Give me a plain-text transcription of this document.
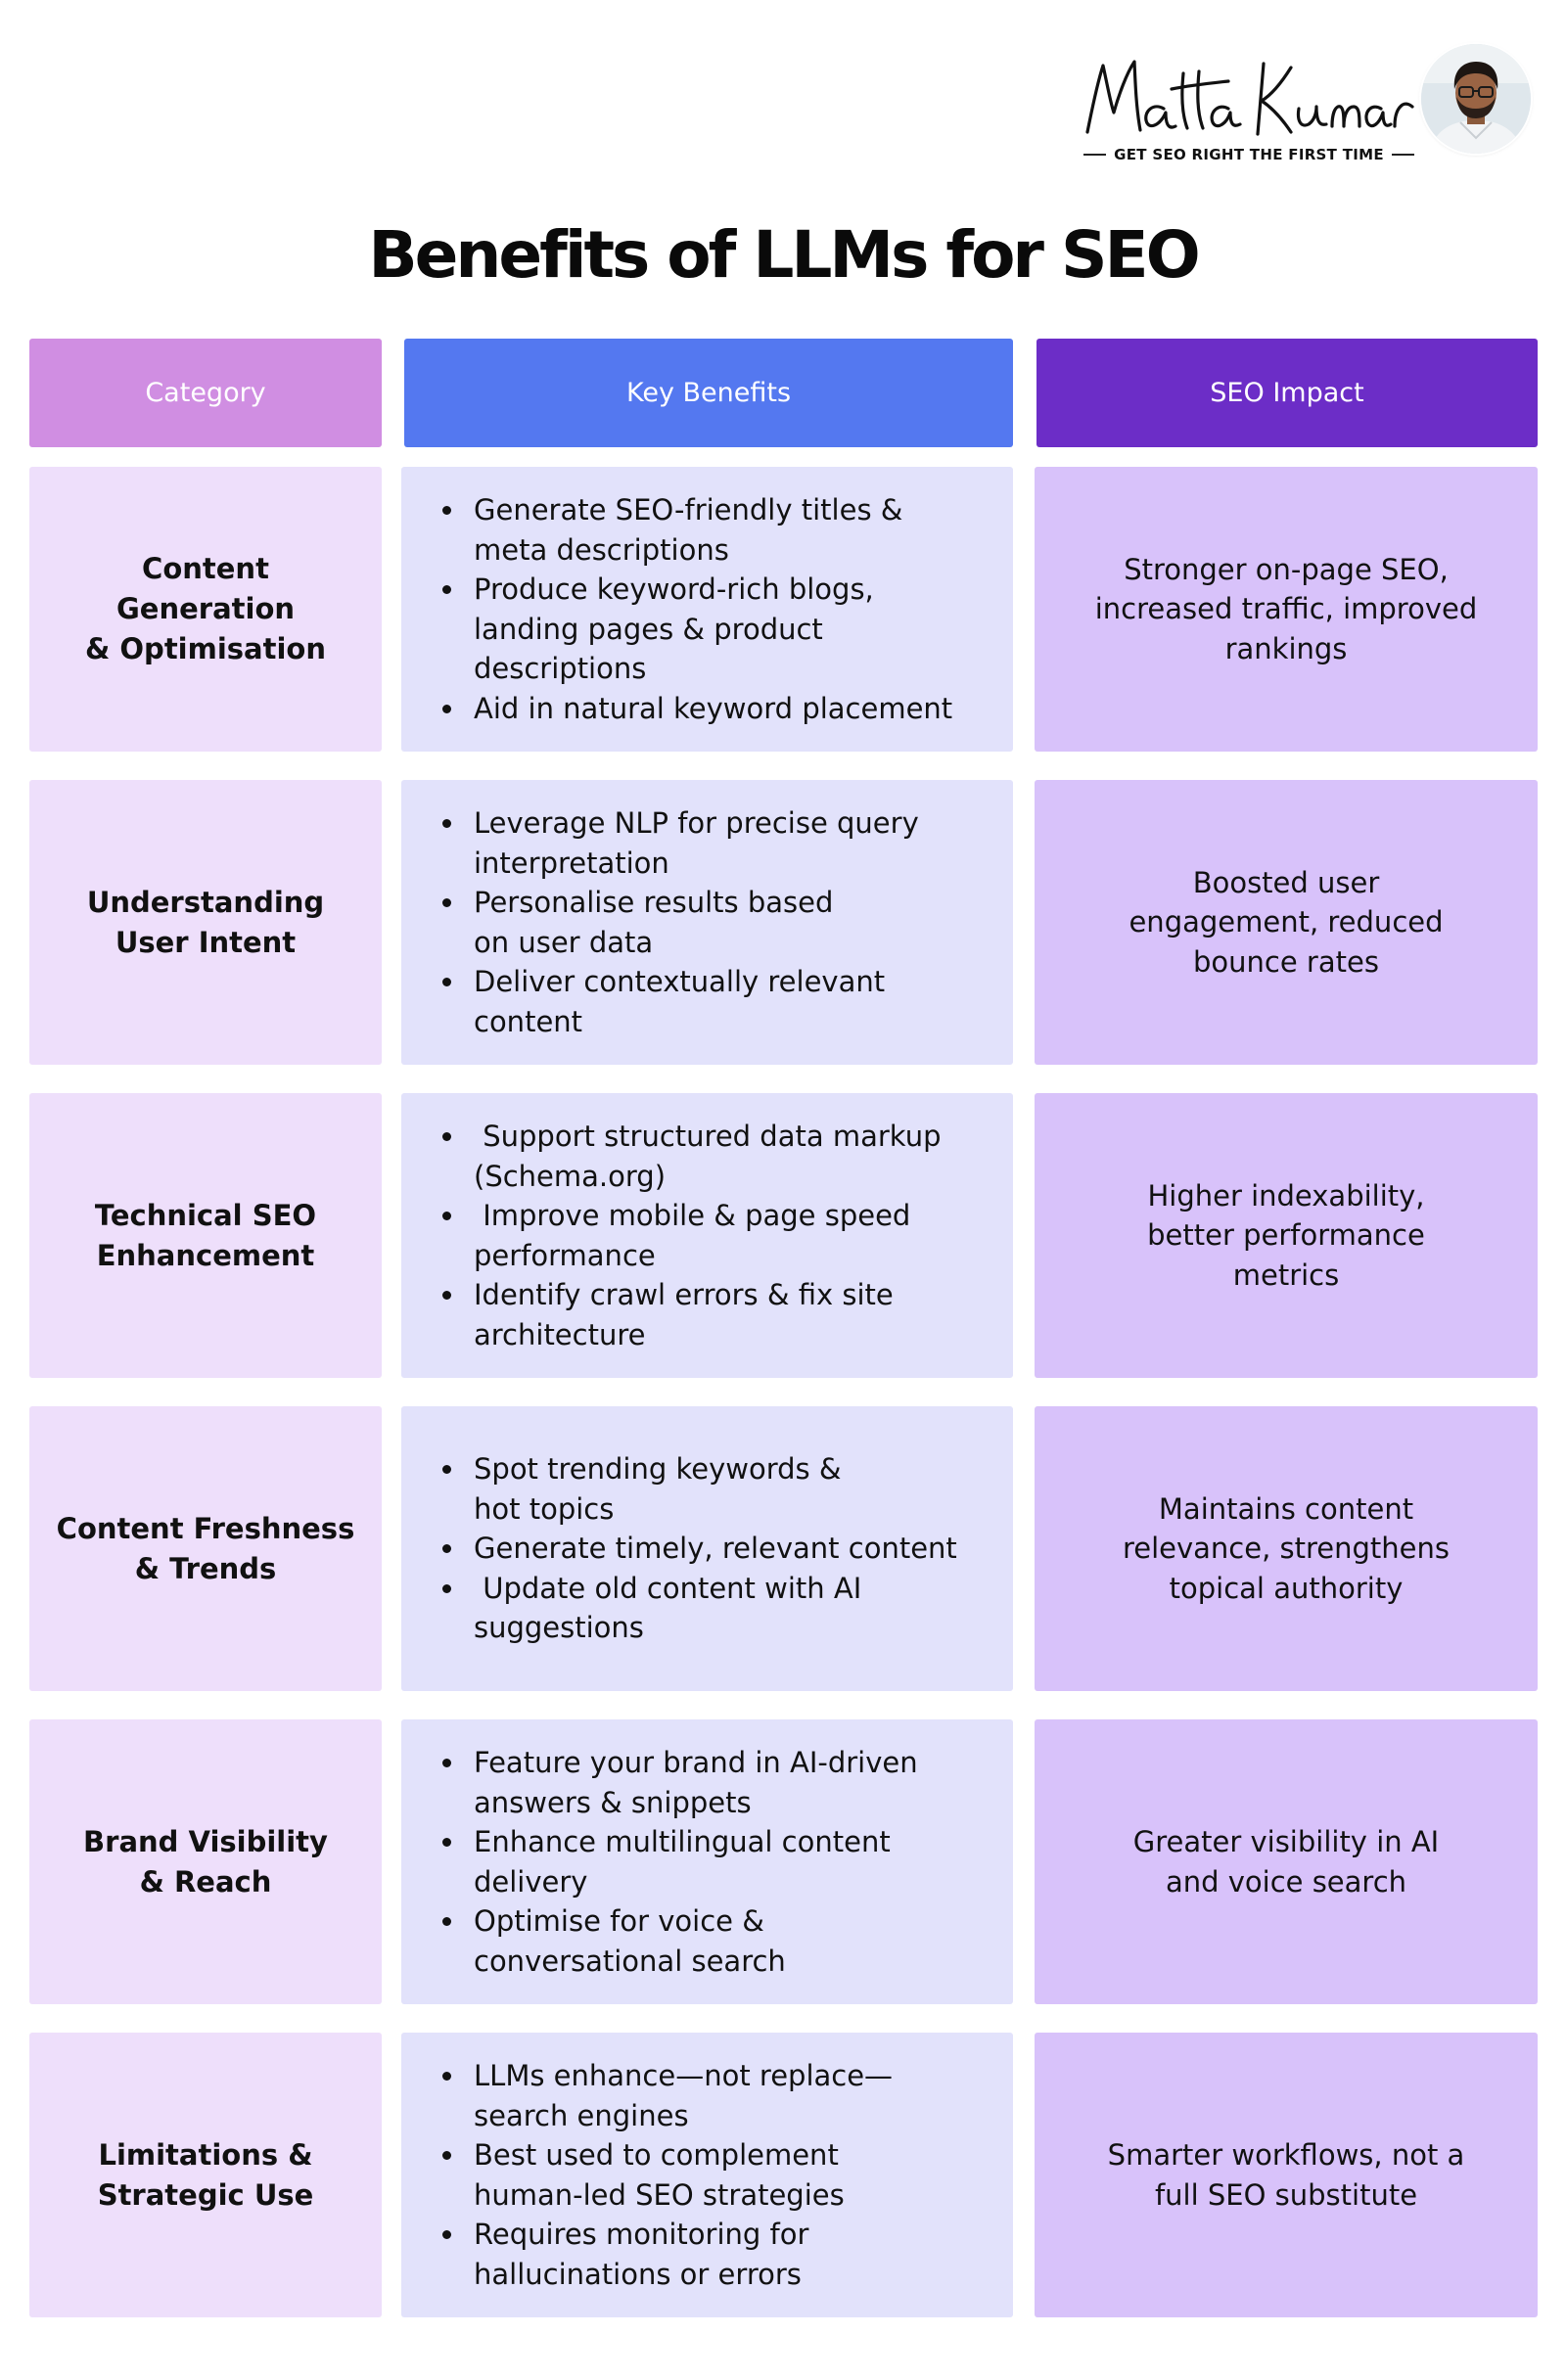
GET SEO RIGHT THE FIRST TIME
Benefits of LLMs for SEO
Category	Key Benefits	SEO Impact
Content Generation
& Optimisation
Generate SEO-friendly titles &
meta descriptions
Produce keyword-rich blogs,
landing pages & product
descriptions
Aid in natural keyword placement
Stronger on-page SEO,
increased traffic, improved
rankings
Understanding
User Intent
Leverage NLP for precise query
interpretation
Personalise results based
on user data
Deliver contextually relevant
content
Boosted user
engagement, reduced
bounce rates
Technical SEO
Enhancement
Support structured data markup
(Schema.org)
Improve mobile & page speed
performance
Identify crawl errors & fix site
architecture
Higher indexability,
better performance
metrics
Content Freshness
& Trends
Spot trending keywords &
hot topics
Generate timely, relevant content
Update old content with AI
suggestions
Maintains content
relevance, strengthens
topical authority
Brand Visibility
& Reach
Feature your brand in AI-driven
answers & snippets
Enhance multilingual content
delivery
Optimise for voice &
conversational search
Greater visibility in AI
and voice search
Limitations &
Strategic Use
LLMs enhance—not replace—
search engines
Best used to complement
human-led SEO strategies
Requires monitoring for
hallucinations or errors
Smarter workflows, not a
full SEO substitute
